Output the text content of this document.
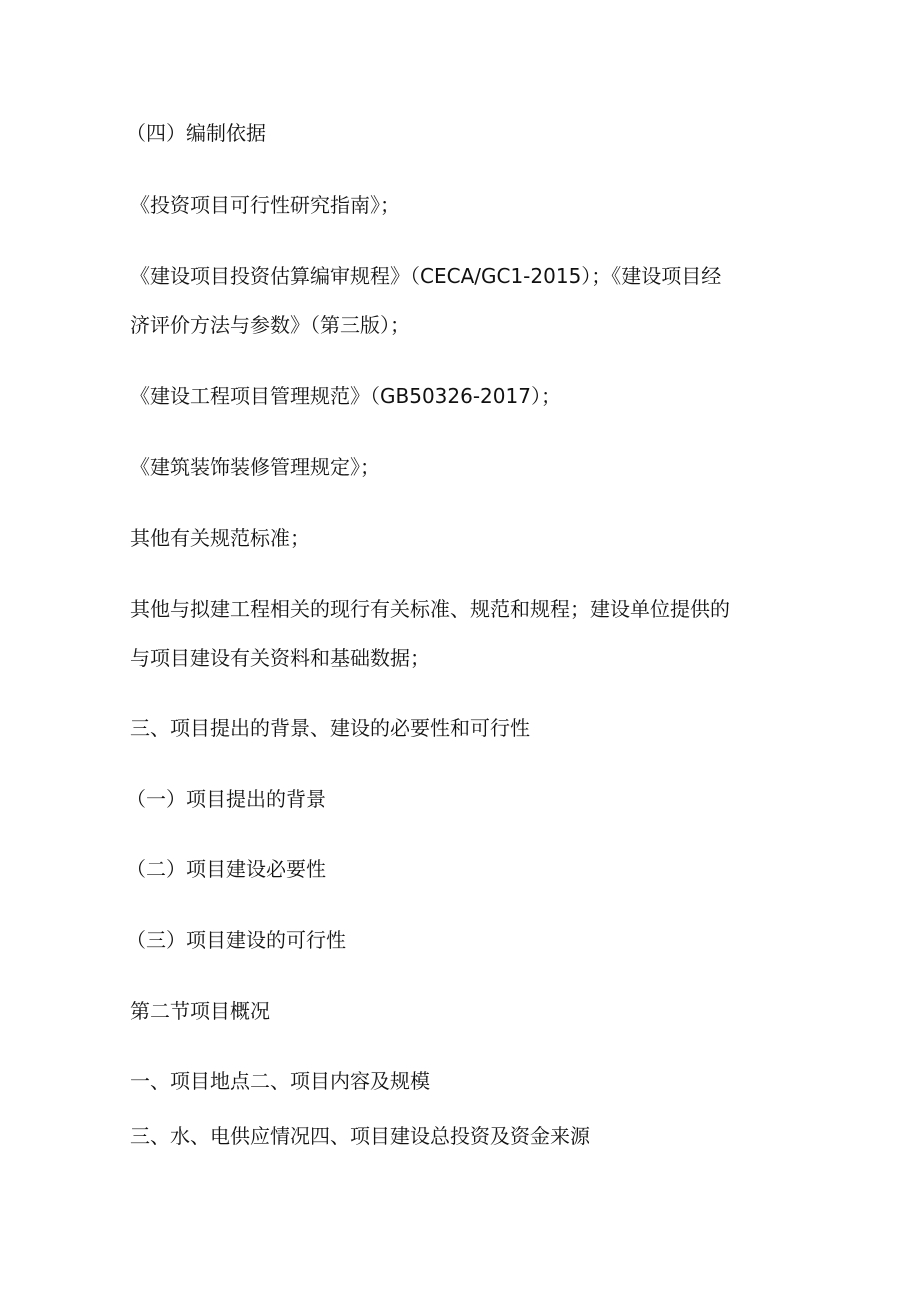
（四）编制依据
《投资项目可行性研究指南》；
《建设项目投资估算编审规程》（CECA/GC1-2015）；《建设项目经
济评价方法与参数》（第三版）；
《建设工程项目管理规范》（GB50326-2017）；
《建筑装饰装修管理规定》；
其他有关规范标准；
其他与拟建工程相关的现行有关标准、规范和规程；建设单位提供的
与项目建设有关资料和基础数据；
三、项目提出的背景、建设的必要性和可行性
（一）项目提出的背景
（二）项目建设必要性
（三）项目建设的可行性
第二节项目概况
一、项目地点二、项目内容及规模
三、水、电供应情况四、项目建设总投资及资金来源
